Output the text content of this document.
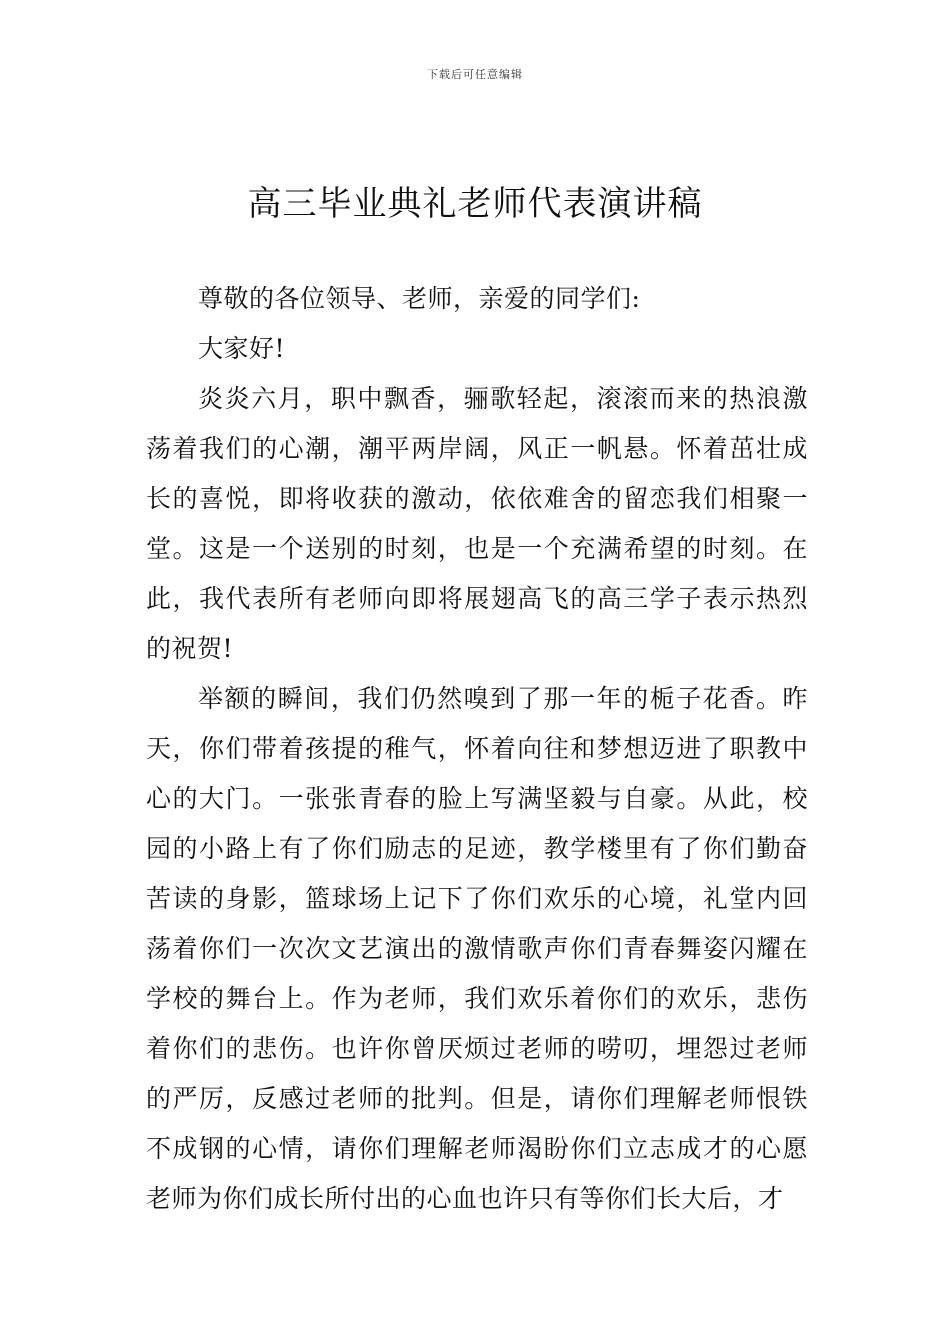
下载后可任意编辑
高三毕业典礼老师代表演讲稿

尊敬的各位领导、老师，亲爱的同学们:

大家好!

炎炎六月，职中飘香，骊歌轻起，滚滚而来的热浪激荡着我们的心潮，潮平两岸阔，风正一帆悬。怀着茁壮成长的喜悦，即将收获的激动，依依难舍的留恋我们相聚一堂。这是一个送别的时刻，也是一个充满希望的时刻。在此，我代表所有老师向即将展翅高飞的高三学子表示热烈的祝贺!

举额的瞬间，我们仍然嗅到了那一年的栀子花香。昨天，你们带着孩提的稚气，怀着向往和梦想迈进了职教中心的大门。一张张青春的脸上写满坚毅与自豪。从此，校园的小路上有了你们励志的足迹，教学楼里有了你们勤奋苦读的身影，篮球场上记下了你们欢乐的心境，礼堂内回荡着你们一次次文艺演出的激情歌声你们青春舞姿闪耀在学校的舞台上。作为老师，我们欢乐着你们的欢乐，悲伤着你们的悲伤。也许你曾厌烦过老师的唠叨，埋怨过老师的严厉，反感过老师的批判。但是，请你们理解老师恨铁不成钢的心情，请你们理解老师渴盼你们立志成才的心愿老师为你们成长所付出的心血也许只有等你们长大后，才
